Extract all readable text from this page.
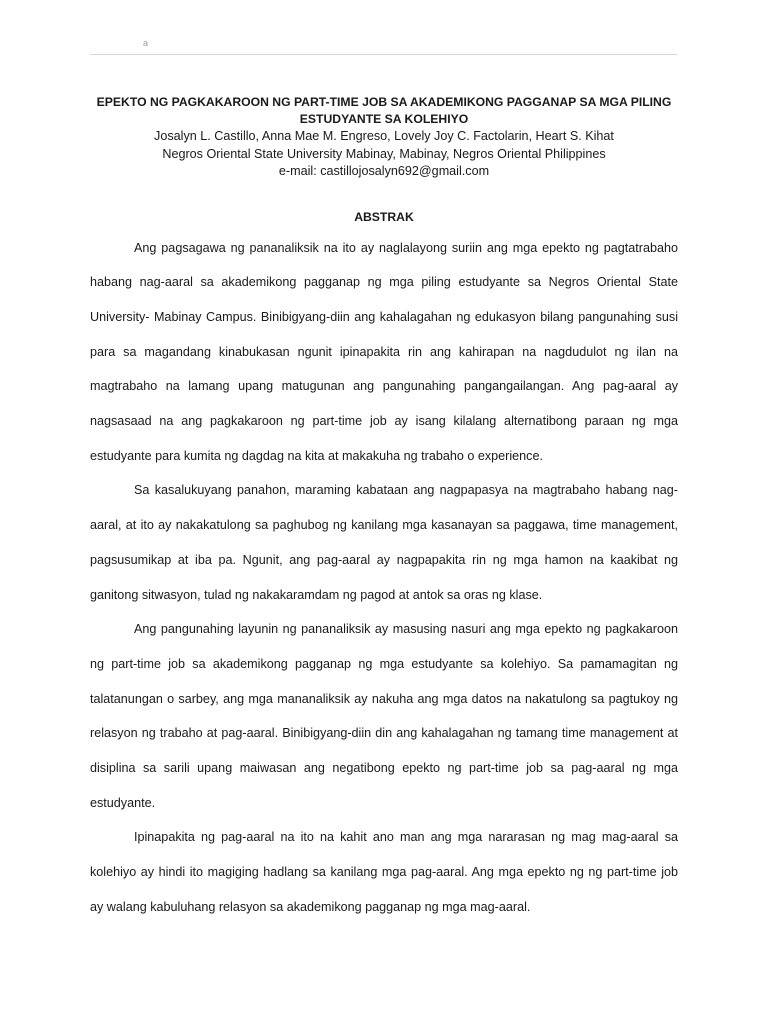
a

EPEKTO NG PAGKAKAROON NG PART-TIME JOB SA AKADEMIKONG PAGGANAP SA MGA PILING

ESTUDYANTE SA KOLEHIYO

Josalyn L. Castillo, Anna Mae M. Engreso, Lovely Joy C. Factolarin, Heart S. Kihat

Negros Oriental State University Mabinay, Mabinay, Negros Oriental Philippines

e-mail: castillojosalyn692@gmail.com

ABSTRAK

Ang pagsagawa ng pananaliksik na ito ay naglalayong suriin ang mga epekto ng pagtatrabaho habang nag-aaral sa akademikong pagganap ng mga piling estudyante sa Negros Oriental State University- Mabinay Campus. Binibigyang-diin ang kahalagahan ng edukasyon bilang pangunahing susi para sa magandang kinabukasan ngunit ipinapakita rin ang kahirapan na nagdudulot ng ilan na magtrabaho na lamang upang matugunan ang pangunahing pangangailangan. Ang pag-aaral ay nagsasaad na ang pagkakaroon ng part-time job ay isang kilalang alternatibong paraan ng mga estudyante para kumita ng dagdag na kita at makakuha ng trabaho o experience.

Sa kasalukuyang panahon, maraming kabataan ang nagpapasya na magtrabaho habang nag-aaral, at ito ay nakakatulong sa paghubog ng kanilang mga kasanayan sa paggawa, time management, pagsusumikap at iba pa. Ngunit, ang pag-aaral ay nagpapakita rin ng mga hamon na kaakibat ng ganitong sitwasyon, tulad ng nakakaramdam ng pagod at antok sa oras ng klase.

Ang pangunahing layunin ng pananaliksik ay masusing nasuri ang mga epekto ng pagkakaroon ng part-time job sa akademikong pagganap ng mga estudyante sa kolehiyo. Sa pamamagitan ng talatanungan o sarbey, ang mga mananaliksik ay nakuha ang mga datos na nakatulong sa pagtukoy ng relasyon ng trabaho at pag-aaral. Binibigyang-diin din ang kahalagahan ng tamang time management at disiplina sa sarili upang maiwasan ang negatibong epekto ng part-time job sa pag-aaral ng mga estudyante.

Ipinapakita ng pag-aaral na ito na kahit ano man ang mga nararasan ng mag mag-aaral sa kolehiyo ay hindi ito magiging hadlang sa kanilang mga pag-aaral. Ang mga epekto ng ng part-time job ay walang kabuluhang relasyon sa akademikong pagganap ng mga mag-aaral.
